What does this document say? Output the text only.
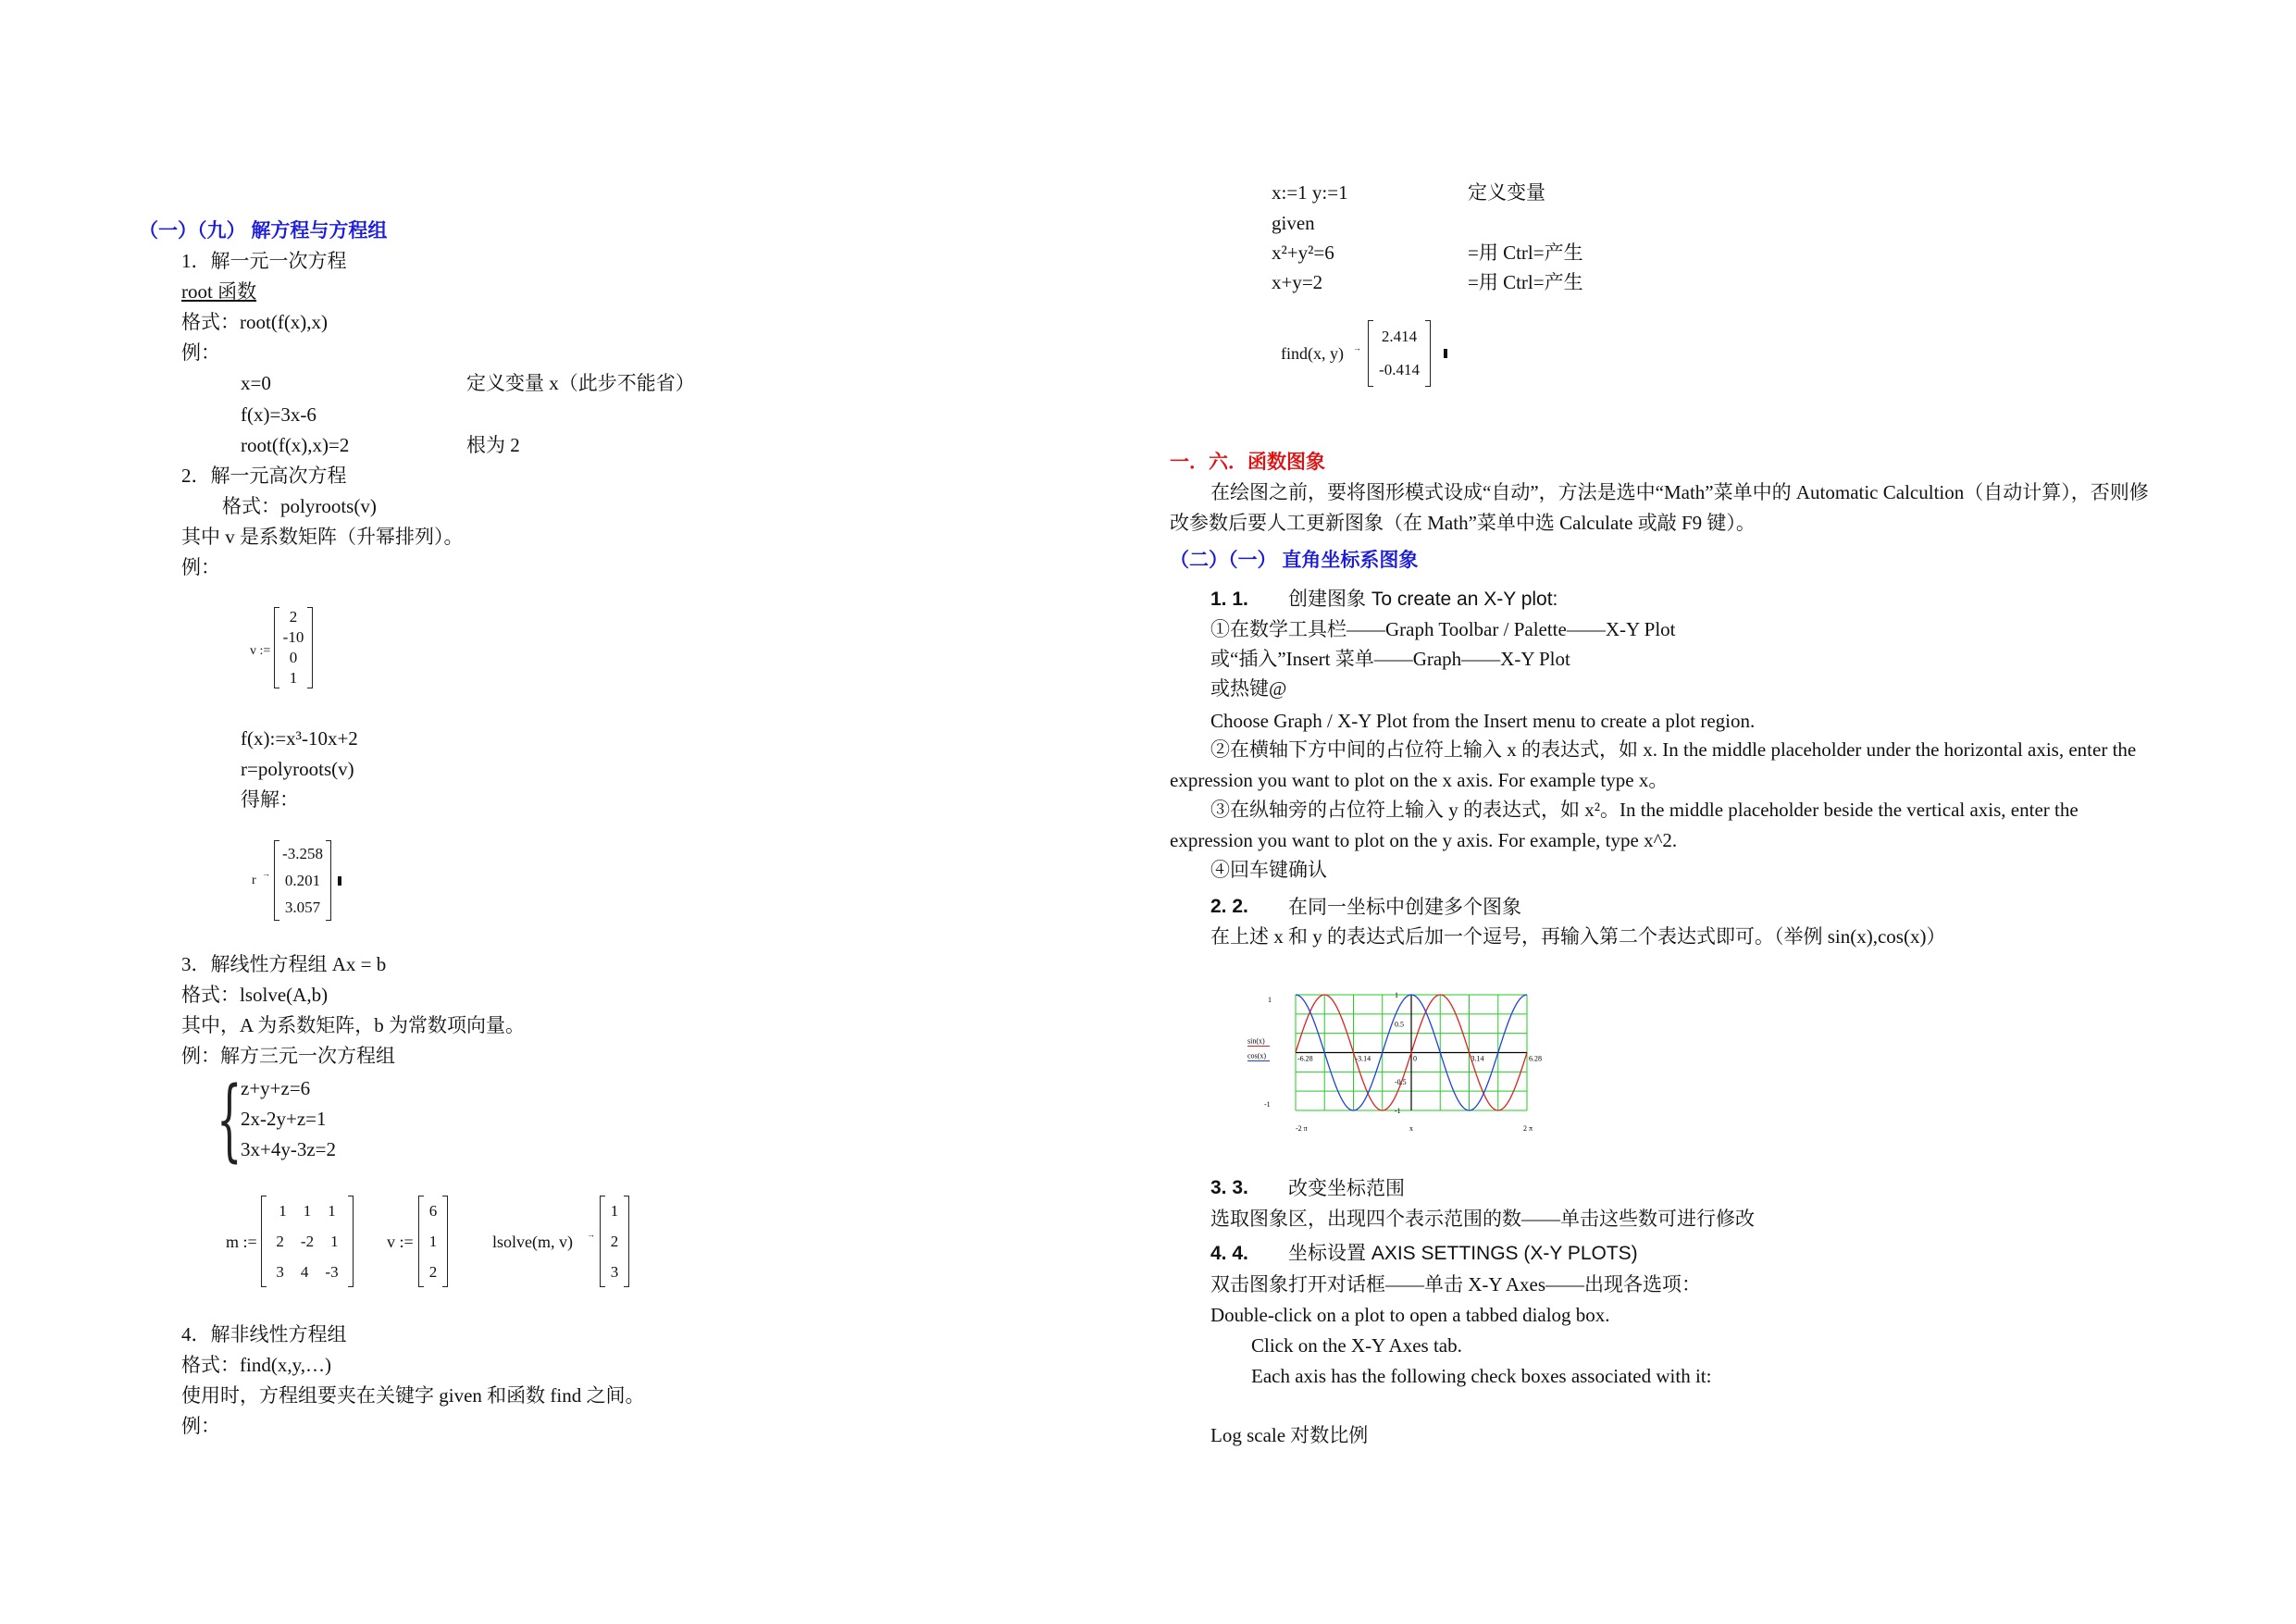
（一）（九） 解方程与方程组
1．解一元一次方程
root 函数
格式：root(f(x),x)
例：
x=0	定义变量 x（此步不能省）
f(x)=3x-6
root(f(x),x)=2	根为 2
2．解一元高次方程
格式：polyroots(v)
其中 v 是系数矩阵（升幂排列）。
例：
v :=
2
-10
0
1
f(x):=x³-10x+2
r=polyroots(v)
得解：
r →
-3.258
0.201
3.057
3．解线性方程组 Ax = b
格式：lsolve(A,b)
其中，A 为系数矩阵，b 为常数项向量。
例：解方三元一次方程组
{
z+y+z=6
2x-2y+z=1
3x+4y-3z=2
m :=
1 1 1
2 -2 1
3 4 -3
v :=
6
1
2
lsolve(m, v) →
1
2
3
4．解非线性方程组
格式：find(x,y,…)
使用时，方程组要夹在关键字 given 和函数 find 之间。
例：
x:=1 y:=1	定义变量
given
x²+y²=6	=用 Ctrl=产生
x+y=2	=用 Ctrl=产生
find(x, y) →
2.414
-0.414
一．六．函数图象
在绘图之前，要将图形模式设成“自动”，方法是选中“Math”菜单中的 Automatic Calcultion（自动计算），否则修改参数后要人工更新图象（在 Math”菜单中选 Calculate 或敲 F9 键）。
（二）（一） 直角坐标系图象
1. 1. 创建图象 To create an X-Y plot:
①在数学工具栏——Graph Toolbar / Palette——X-Y Plot
或“插入”Insert 菜单——Graph——X-Y Plot
或热键@
Choose Graph / X-Y Plot from the Insert menu to create a plot region.
②在横轴下方中间的占位符上输入 x 的表达式，如 x. In the middle placeholder under the horizontal axis, enter the expression you want to plot on the x axis. For example type x。
③在纵轴旁的占位符上输入 y 的表达式，如 x²。In the middle placeholder beside the vertical axis, enter the expression you want to plot on the y axis. For example, type x^2.
④回车键确认
2. 2. 在同一坐标中创建多个图象
在上述 x 和 y 的表达式后加一个逗号，再输入第二个表达式即可。（举例 sin(x),cos(x)）
-6.28	-3.14	0	3.14	6.28
1
0.5
-0.5
-1
1
-1
-2 π	x	2 π
sin(x)
cos(x)
3. 3. 改变坐标范围
选取图象区，出现四个表示范围的数——单击这些数可进行修改
4. 4. 坐标设置 AXIS SETTINGS (X-Y PLOTS)
双击图象打开对话框——单击 X-Y Axes——出现各选项：
Double-click on a plot to open a tabbed dialog box.
Click on the X-Y Axes tab.
Each axis has the following check boxes associated with it:
Log scale 对数比例
